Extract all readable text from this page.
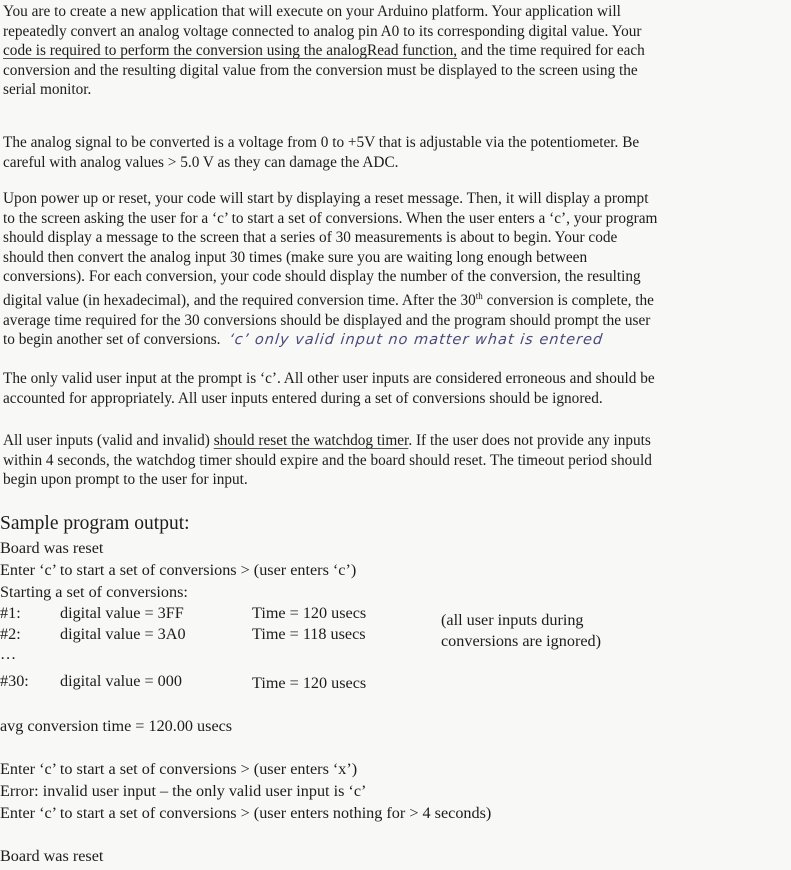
You are to create a new application that will execute on your Arduino platform. Your application will
repeatedly convert an analog voltage connected to analog pin A0 to its corresponding digital value. Your
code is required to perform the conversion using the analogRead function, and the time required for each
conversion and the resulting digital value from the conversion must be displayed to the screen using the
serial monitor.

The analog signal to be converted is a voltage from 0 to +5V that is adjustable via the potentiometer. Be
careful with analog values > 5.0 V as they can damage the ADC.

Upon power up or reset, your code will start by displaying a reset message. Then, it will display a prompt
to the screen asking the user for a ‘c’ to start a set of conversions. When the user enters a ‘c’, your program
should display a message to the screen that a series of 30 measurements is about to begin. Your code
should then convert the analog input 30 times (make sure you are waiting long enough between
conversions). For each conversion, your code should display the number of the conversion, the resulting
digital value (in hexadecimal), and the required conversion time. After the 30th conversion is complete, the
average time required for the 30 conversions should be displayed and the program should prompt the user
to begin another set of conversions. ‘c’ only valid input no matter what is entered

The only valid user input at the prompt is ‘c’. All other user inputs are considered erroneous and should be
accounted for appropriately. All user inputs entered during a set of conversions should be ignored.

All user inputs (valid and invalid) should reset the watchdog timer. If the user does not provide any inputs
within 4 seconds, the watchdog timer should expire and the board should reset. The timeout period should
begin upon prompt to the user for input.

Sample program output:
Board was reset
Enter ‘c’ to start a set of conversions > (user enters ‘c’)
Starting a set of conversions:
#1: digital value = 3FF	Time = 120 usecs
#2: digital value = 3A0	Time = 118 usecs
(all user inputs during
conversions are ignored)
…
#30: digital value = 000	Time = 120 usecs
avg conversion time = 120.00 usecs
Enter ‘c’ to start a set of conversions > (user enters ‘x’)
Error: invalid user input – the only valid user input is ‘c’
Enter ‘c’ to start a set of conversions > (user enters nothing for > 4 seconds)
Board was reset
